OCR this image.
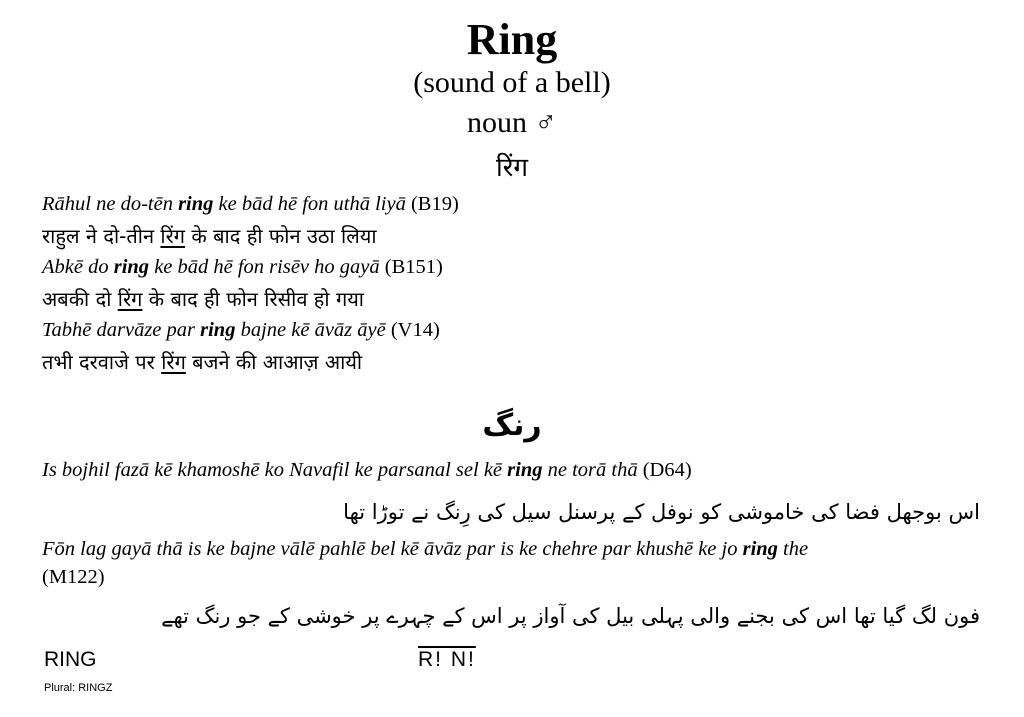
Ring
(sound of a bell)
noun ♂
रिंग
Rāhul ne do-tēn ring ke bād hē fon uthā liyā (B19)
राहुल ने दो-तीन रिंग के बाद ही फोन उठा लिया
Abkē do ring ke bād hē fon risēv ho gayā (B151)
अबकी दो रिंग के बाद ही फोन रिसीव हो गया
Tabhē darvāze par ring bajne kē āvāz āyē (V14)
तभी दरवाजे पर रिंग बजने की आआज़ आयी
رنگ
Is bojhil fazā kē khamoshē ko Navafil ke parsanal sel kē ring ne torā thā (D64)
اس بوجھل فضا کی خاموشی کو نوفل کے پرسنل سیل کی رِنگ نے توڑا تھا
Fōn lag gayā thā is ke bajne vālē pahlē bel kē āvāz par is ke chehre par khushē ke jo ring the
(M122)
فون لگ گیا تھا اس کی بجنے والی پہلی بیل کی آواز پر اس کے چہرے پر خوشی کے جو رنگ تھے
RING
Plural: RINGZ
R! N!
